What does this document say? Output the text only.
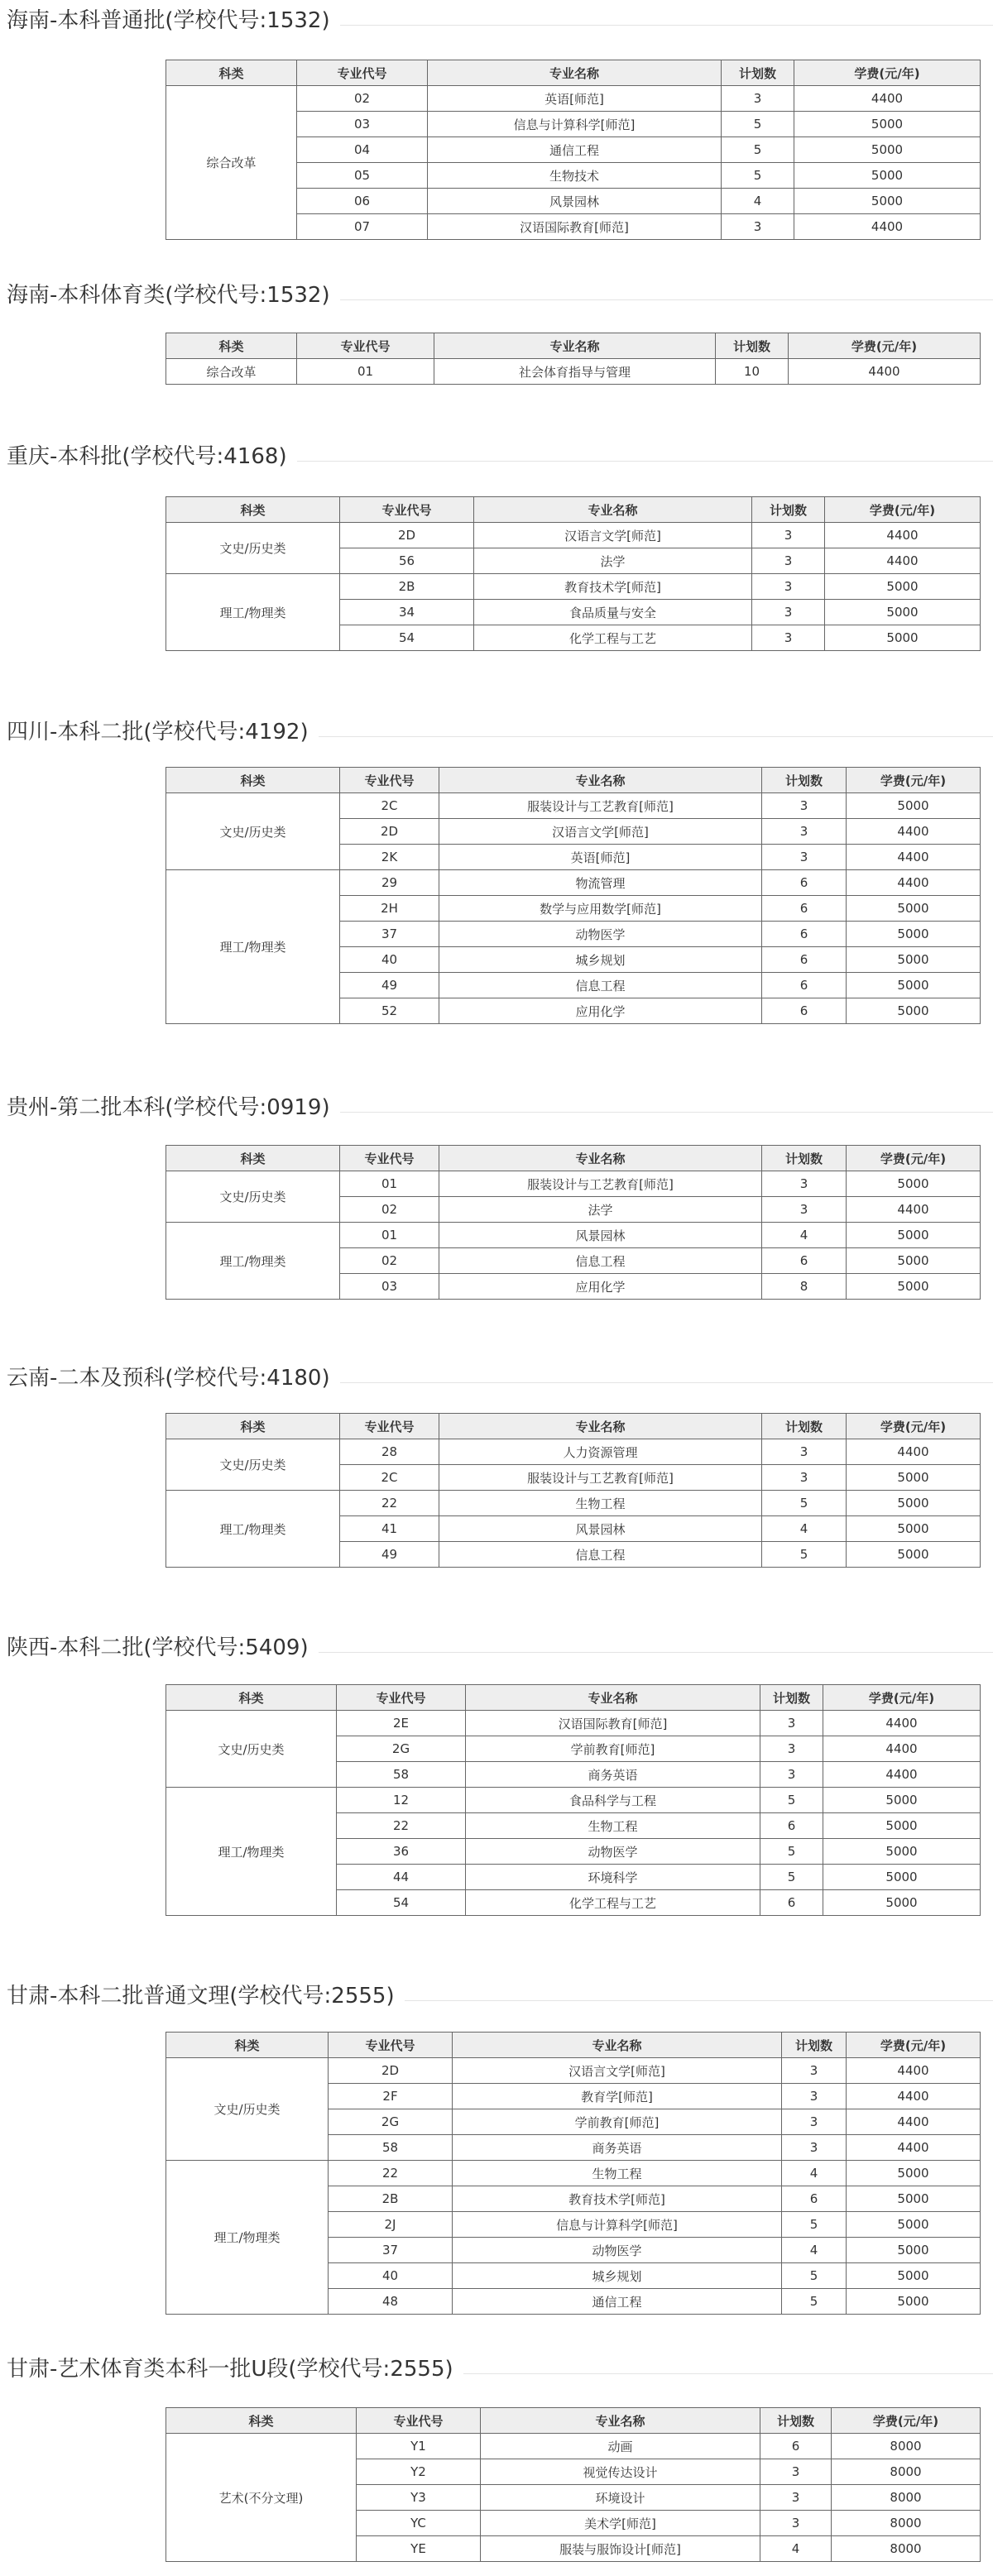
海南-本科普通批(学校代号:1532)
科类	专业代号	专业名称	计划数	学费(元/年)
综合改革	02	英语[师范]	3	4400
	03	信息与计算科学[师范]	5	5000
	04	通信工程	5	5000
	05	生物技术	5	5000
	06	风景园林	4	5000
	07	汉语国际教育[师范]	3	4400
海南-本科体育类(学校代号:1532)
科类	专业代号	专业名称	计划数	学费(元/年)
综合改革	01	社会体育指导与管理	10	4400
重庆-本科批(学校代号:4168)
科类	专业代号	专业名称	计划数	学费(元/年)
文史/历史类	2D	汉语言文学[师范]	3	4400
	56	法学	3	4400
理工/物理类	2B	教育技术学[师范]	3	5000
	34	食品质量与安全	3	5000
	54	化学工程与工艺	3	5000
四川-本科二批(学校代号:4192)
科类	专业代号	专业名称	计划数	学费(元/年)
文史/历史类	2C	服装设计与工艺教育[师范]	3	5000
	2D	汉语言文学[师范]	3	4400
	2K	英语[师范]	3	4400
理工/物理类	29	物流管理	6	4400
	2H	数学与应用数学[师范]	6	5000
	37	动物医学	6	5000
	40	城乡规划	6	5000
	49	信息工程	6	5000
	52	应用化学	6	5000
贵州-第二批本科(学校代号:0919)
科类	专业代号	专业名称	计划数	学费(元/年)
文史/历史类	01	服装设计与工艺教育[师范]	3	5000
	02	法学	3	4400
理工/物理类	01	风景园林	4	5000
	02	信息工程	6	5000
	03	应用化学	8	5000
云南-二本及预科(学校代号:4180)
科类	专业代号	专业名称	计划数	学费(元/年)
文史/历史类	28	人力资源管理	3	4400
	2C	服装设计与工艺教育[师范]	3	5000
理工/物理类	22	生物工程	5	5000
	41	风景园林	4	5000
	49	信息工程	5	5000
陕西-本科二批(学校代号:5409)
科类	专业代号	专业名称	计划数	学费(元/年)
文史/历史类	2E	汉语国际教育[师范]	3	4400
	2G	学前教育[师范]	3	4400
	58	商务英语	3	4400
理工/物理类	12	食品科学与工程	5	5000
	22	生物工程	6	5000
	36	动物医学	5	5000
	44	环境科学	5	5000
	54	化学工程与工艺	6	5000
甘肃-本科二批普通文理(学校代号:2555)
科类	专业代号	专业名称	计划数	学费(元/年)
文史/历史类	2D	汉语言文学[师范]	3	4400
	2F	教育学[师范]	3	4400
	2G	学前教育[师范]	3	4400
	58	商务英语	3	4400
理工/物理类	22	生物工程	4	5000
	2B	教育技术学[师范]	6	5000
	2J	信息与计算科学[师范]	5	5000
	37	动物医学	4	5000
	40	城乡规划	5	5000
	48	通信工程	5	5000
甘肃-艺术体育类本科一批U段(学校代号:2555)
科类	专业代号	专业名称	计划数	学费(元/年)
艺术(不分文理)	Y1	动画	6	8000
	Y2	视觉传达设计	3	8000
	Y3	环境设计	3	8000
	YC	美术学[师范]	3	8000
	YE	服装与服饰设计[师范]	4	8000
